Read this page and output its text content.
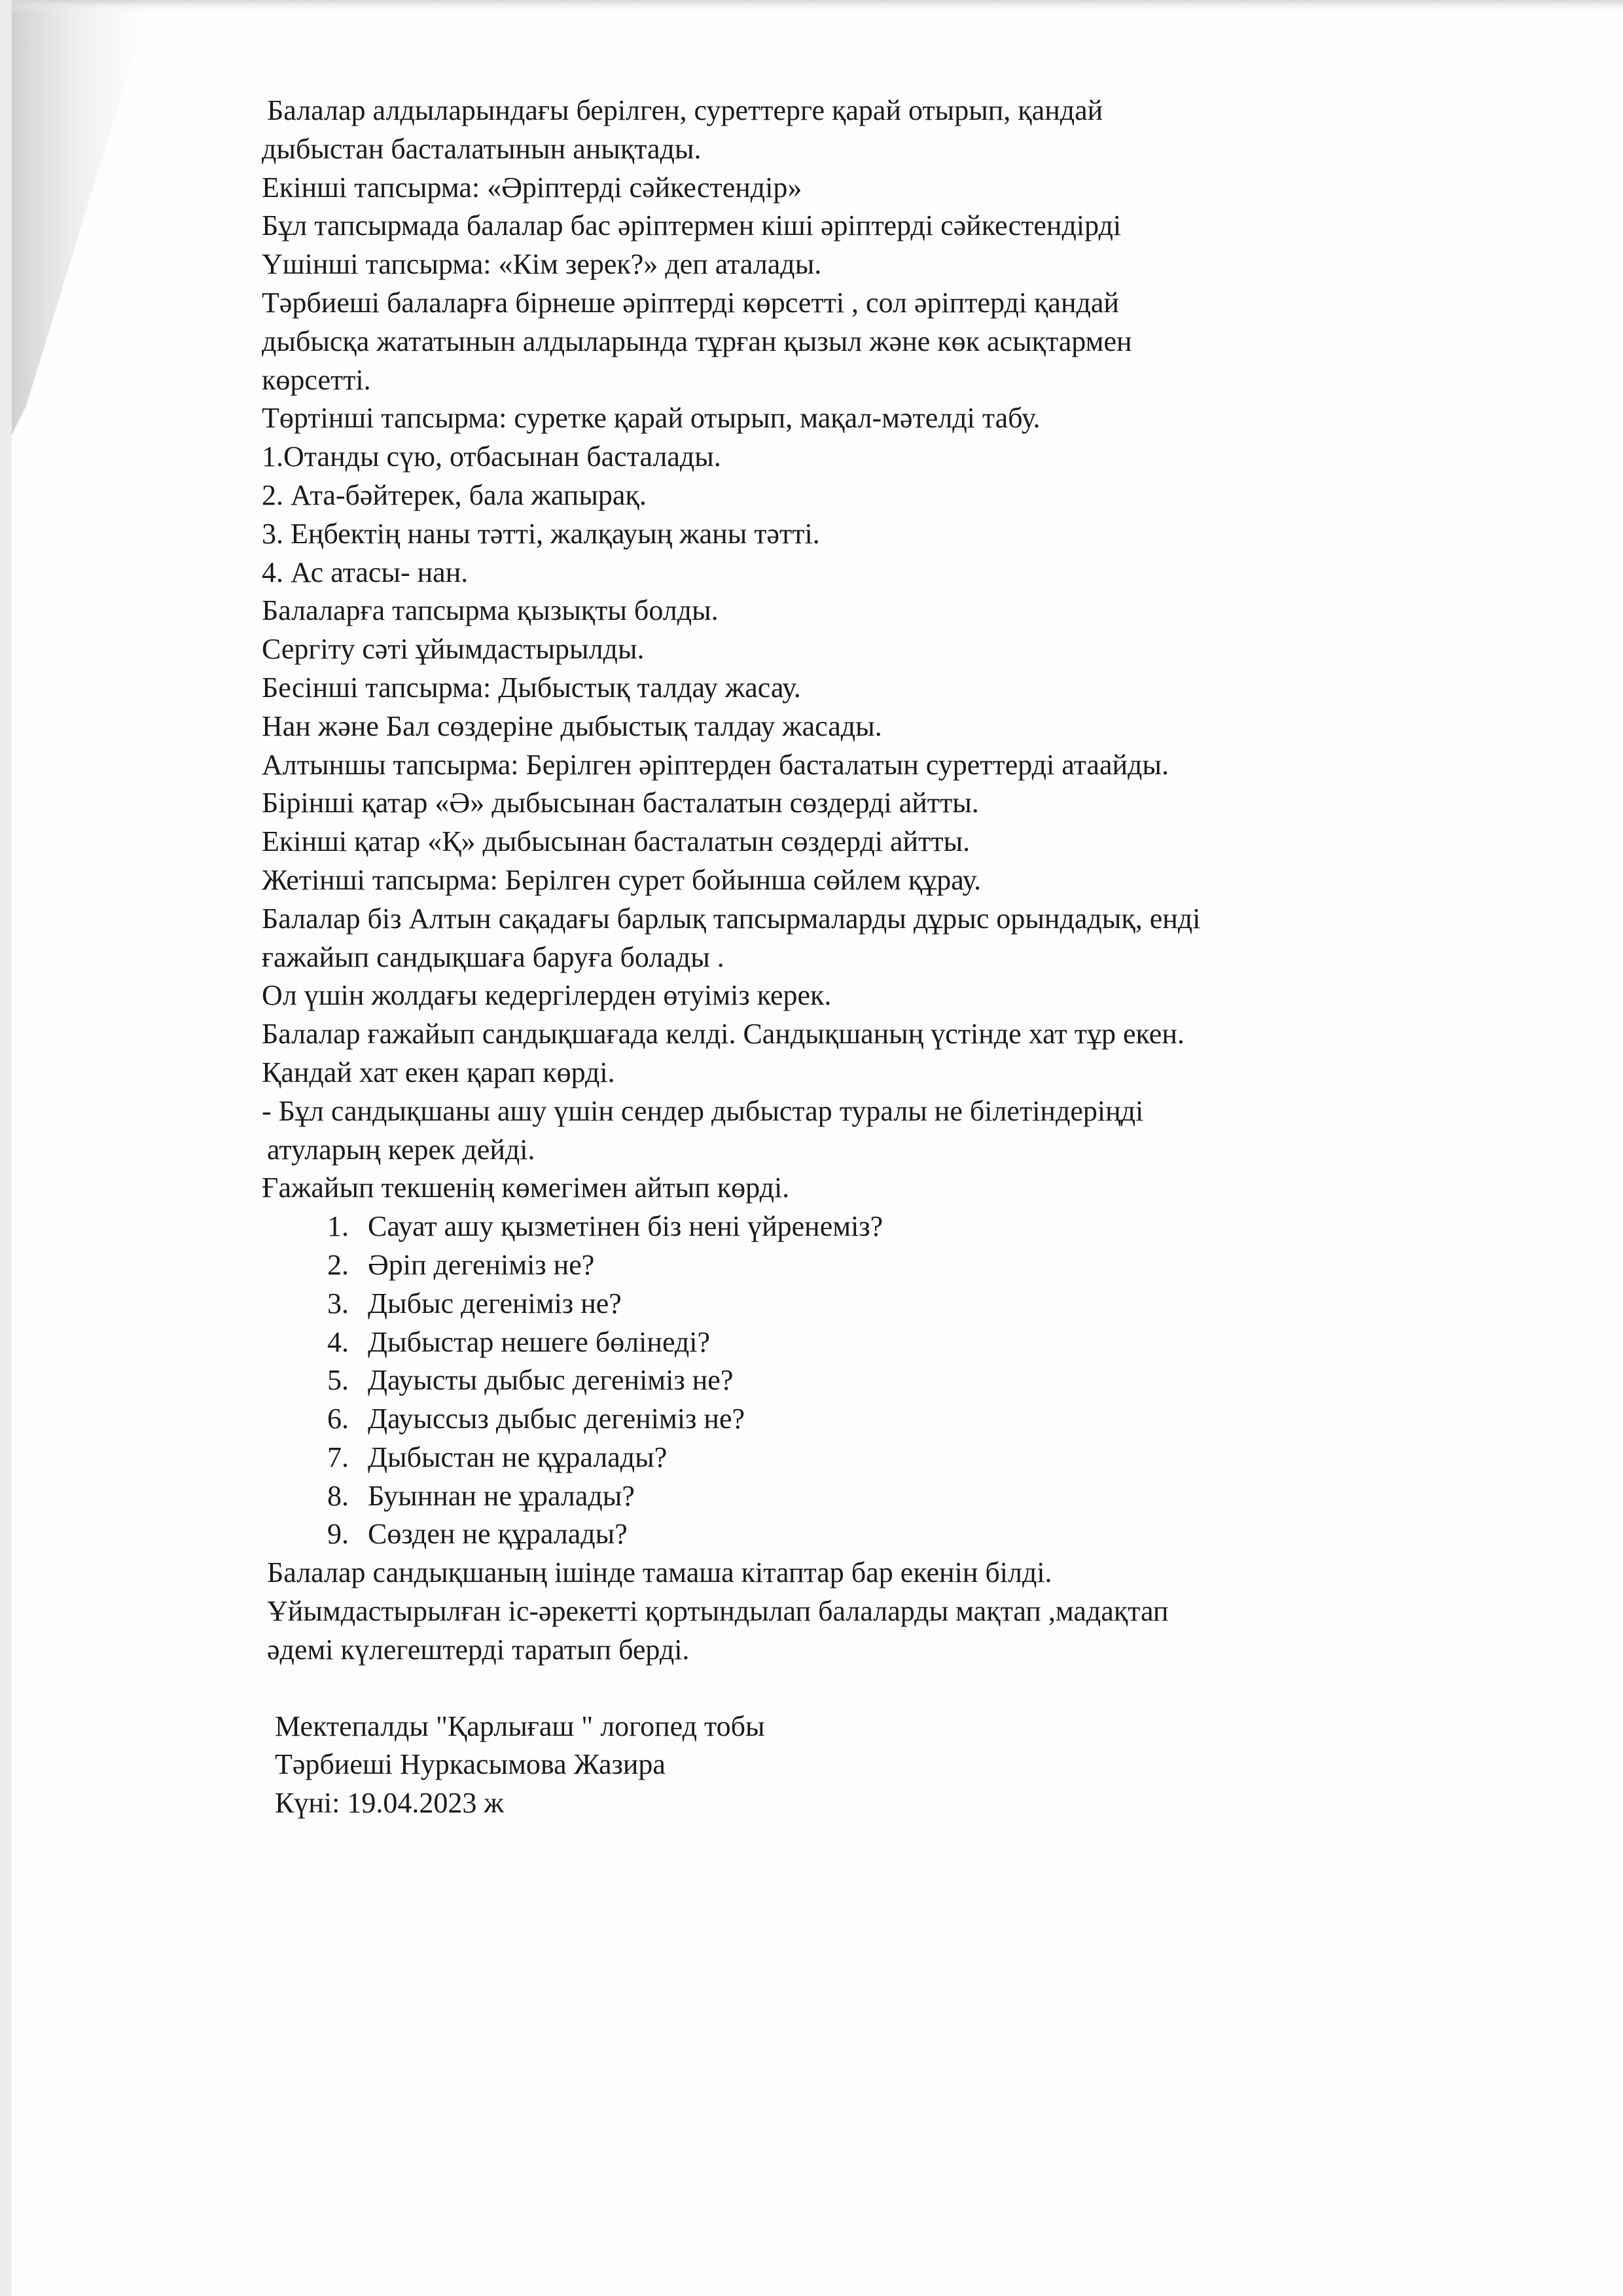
Балалар алдыларындағы берілген, суреттерге қарай отырып, қандай
дыбыстан басталатынын анықтады.
Екінші тапсырма: «Әріптерді сәйкестендір»
Бұл тапсырмада балалар бас әріптермен кіші әріптерді сәйкестендірді
Үшінші тапсырма: «Кім зерек?» деп аталады.
Тәрбиеші балаларға бірнеше әріптерді көрсетті , сол әріптерді қандай
дыбысқа жататынын алдыларында тұрған қызыл және көк асықтармен
көрсетті.
Төртінші тапсырма: суретке қарай отырып, мақал-мәтелді табу.
1.Отанды сүю, отбасынан басталады.
2. Ата-бәйтерек, бала жапырақ.
3. Еңбектің наны тәтті, жалқауың жаны тәтті.
4. Ас атасы- нан.
Балаларға тапсырма қызықты болды.
Сергіту сәті ұйымдастырылды.
Бесінші тапсырма: Дыбыстық талдау жасау.
Нан және Бал сөздеріне дыбыстық талдау жасады.
Алтыншы тапсырма: Берілген әріптерден басталатын суреттерді атаайды.
Бірінші қатар «Ә» дыбысынан басталатын сөздерді айтты.
Екінші қатар «Қ» дыбысынан басталатын сөздерді айтты.
Жетінші тапсырма: Берілген сурет бойынша сөйлем құрау.
Балалар біз Алтын сақадағы барлық тапсырмаларды дұрыс орындадық, енді
ғажайып сандықшаға баруға болады .
Ол үшін жолдағы кедергілерден өтуіміз керек.
Балалар ғажайып сандықшағада келді. Сандықшаның үстінде хат тұр екен.
Қандай хат екен қарап көрді.
- Бұл сандықшаны ашу үшін сендер дыбыстар туралы не білетіндеріңді
атуларың керек дейді.
Ғажайып текшенің көмегімен айтып көрді.
1. Сауат ашу қызметінен біз нені үйренеміз?
2. Әріп дегеніміз не?
3. Дыбыс дегеніміз не?
4. Дыбыстар нешеге бөлінеді?
5. Дауысты дыбыс дегеніміз не?
6. Дауыссыз дыбыс дегеніміз не?
7. Дыбыстан не құралады?
8. Буыннан не ұралады?
9. Сөзден не құралады?
Балалар сандықшаның ішінде тамаша кітаптар бар екенін білді.
Ұйымдастырылған іс-әрекетті қортындылап балаларды мақтап ,мадақтап
әдемі күлегештерді таратып берді.
Мектепалды "Қарлығаш " логопед тобы
Тәрбиеші Нуркасымова Жазира
Күні: 19.04.2023 ж
